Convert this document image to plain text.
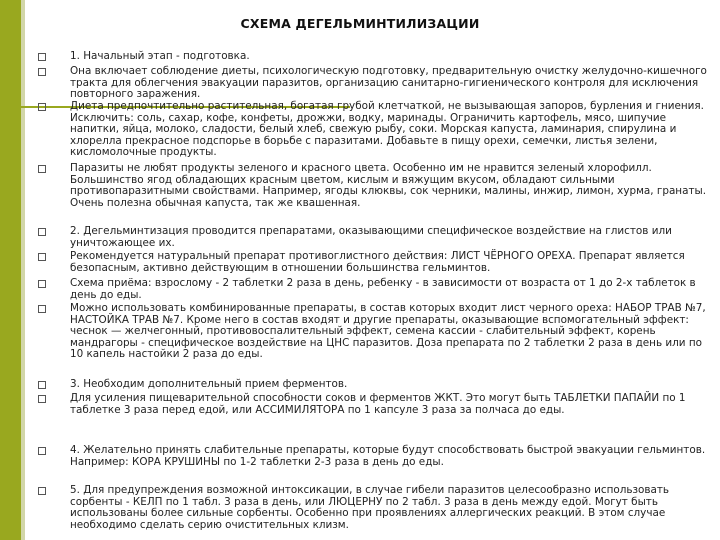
СХЕМА ДЕГЕЛЬМИНТИЛИЗАЦИИ
1. Начальный этап - подготовка.
Она включает соблюдение диеты, психологическую подготовку, предварительную очистку желудочно-кишечного тракта для облегчения эвакуации паразитов, организацию санитарно-гигиенического контроля для исключения повторного заражения.
Диета предпочтительно растительная, богатая грубой клетчаткой, не вызывающая запоров, бурления и гниения. Исключить: соль, сахар, кофе, конфеты, дрожжи, водку, маринады. Ограничить картофель, мясо, шипучие напитки, яйца, молоко, сладости, белый хлеб, свежую рыбу, соки. Морская капуста, ламинария, спирулина и хлорелла прекрасное подспорье в борьбе с паразитами. Добавьте в пищу орехи, семечки, листья зелени, кисломолочные продукты.
Паразиты не любят продукты зеленого и красного цвета. Особенно им не нравится зеленый хлорофилл. Большинство ягод обладающих красным цветом, кислым и вяжущим вкусом, обладают сильными противопаразитными свойствами. Например, ягоды клюквы, сок черники, малины, инжир, лимон, хурма, гранаты. Очень полезна обычная капуста, так же квашенная.
2. Дегельминтизация проводится препаратами, оказывающими специфическое воздействие на глистов или уничтожающее их.
Рекомендуется натуральный препарат противоглистного действия: ЛИСТ ЧЁРНОГО ОРЕХА. Препарат является безопасным, активно действующим в отношении большинства гельминтов.
Схема приёма: взрослому - 2 таблетки 2 раза в день, ребенку - в зависимости от возраста от 1 до 2-х таблеток в день до еды.
Можно использовать комбинированные препараты, в состав которых входит лист черного ореха: НАБОР ТРАВ №7, НАСТОЙКА ТРАВ №7. Кроме него в состав входят и другие препараты, оказывающие вспомогательный эффект: чеснок — желчегонный, противовоспалительный эффект, семена кассии - слабительный эффект, корень мандрагоры - специфическое воздействие на ЦНС паразитов. Доза препарата по 2 таблетки 2 раза в день или по 10 капель настойки 2 раза до еды.
3. Необходим дополнительный прием ферментов.
Для усиления пищеварительной способности соков и ферментов ЖКТ. Это могут быть ТАБЛЕТКИ ПАПАЙИ по 1 таблетке 3 раза перед едой, или АССИМИЛЯТОРА по 1 капсуле 3 раза за полчаса до еды.
4. Желательно принять слабительные препараты, которые будут способствовать быстрой эвакуации гельминтов. Например: КОРА КРУШИНЫ по 1-2 таблетки 2-3 раза в день до еды.
5. Для предупреждения возможной интоксикации, в случае гибели паразитов целесообразно использовать сорбенты - КЕЛП по 1 табл. 3 раза в день, или ЛЮЦЕРНУ по 2 табл. 3 раза в день между едой. Могут быть использованы более сильные сорбенты. Особенно при проявлениях аллергических реакций. В этом случае необходимо сделать серию очистительных клизм.
